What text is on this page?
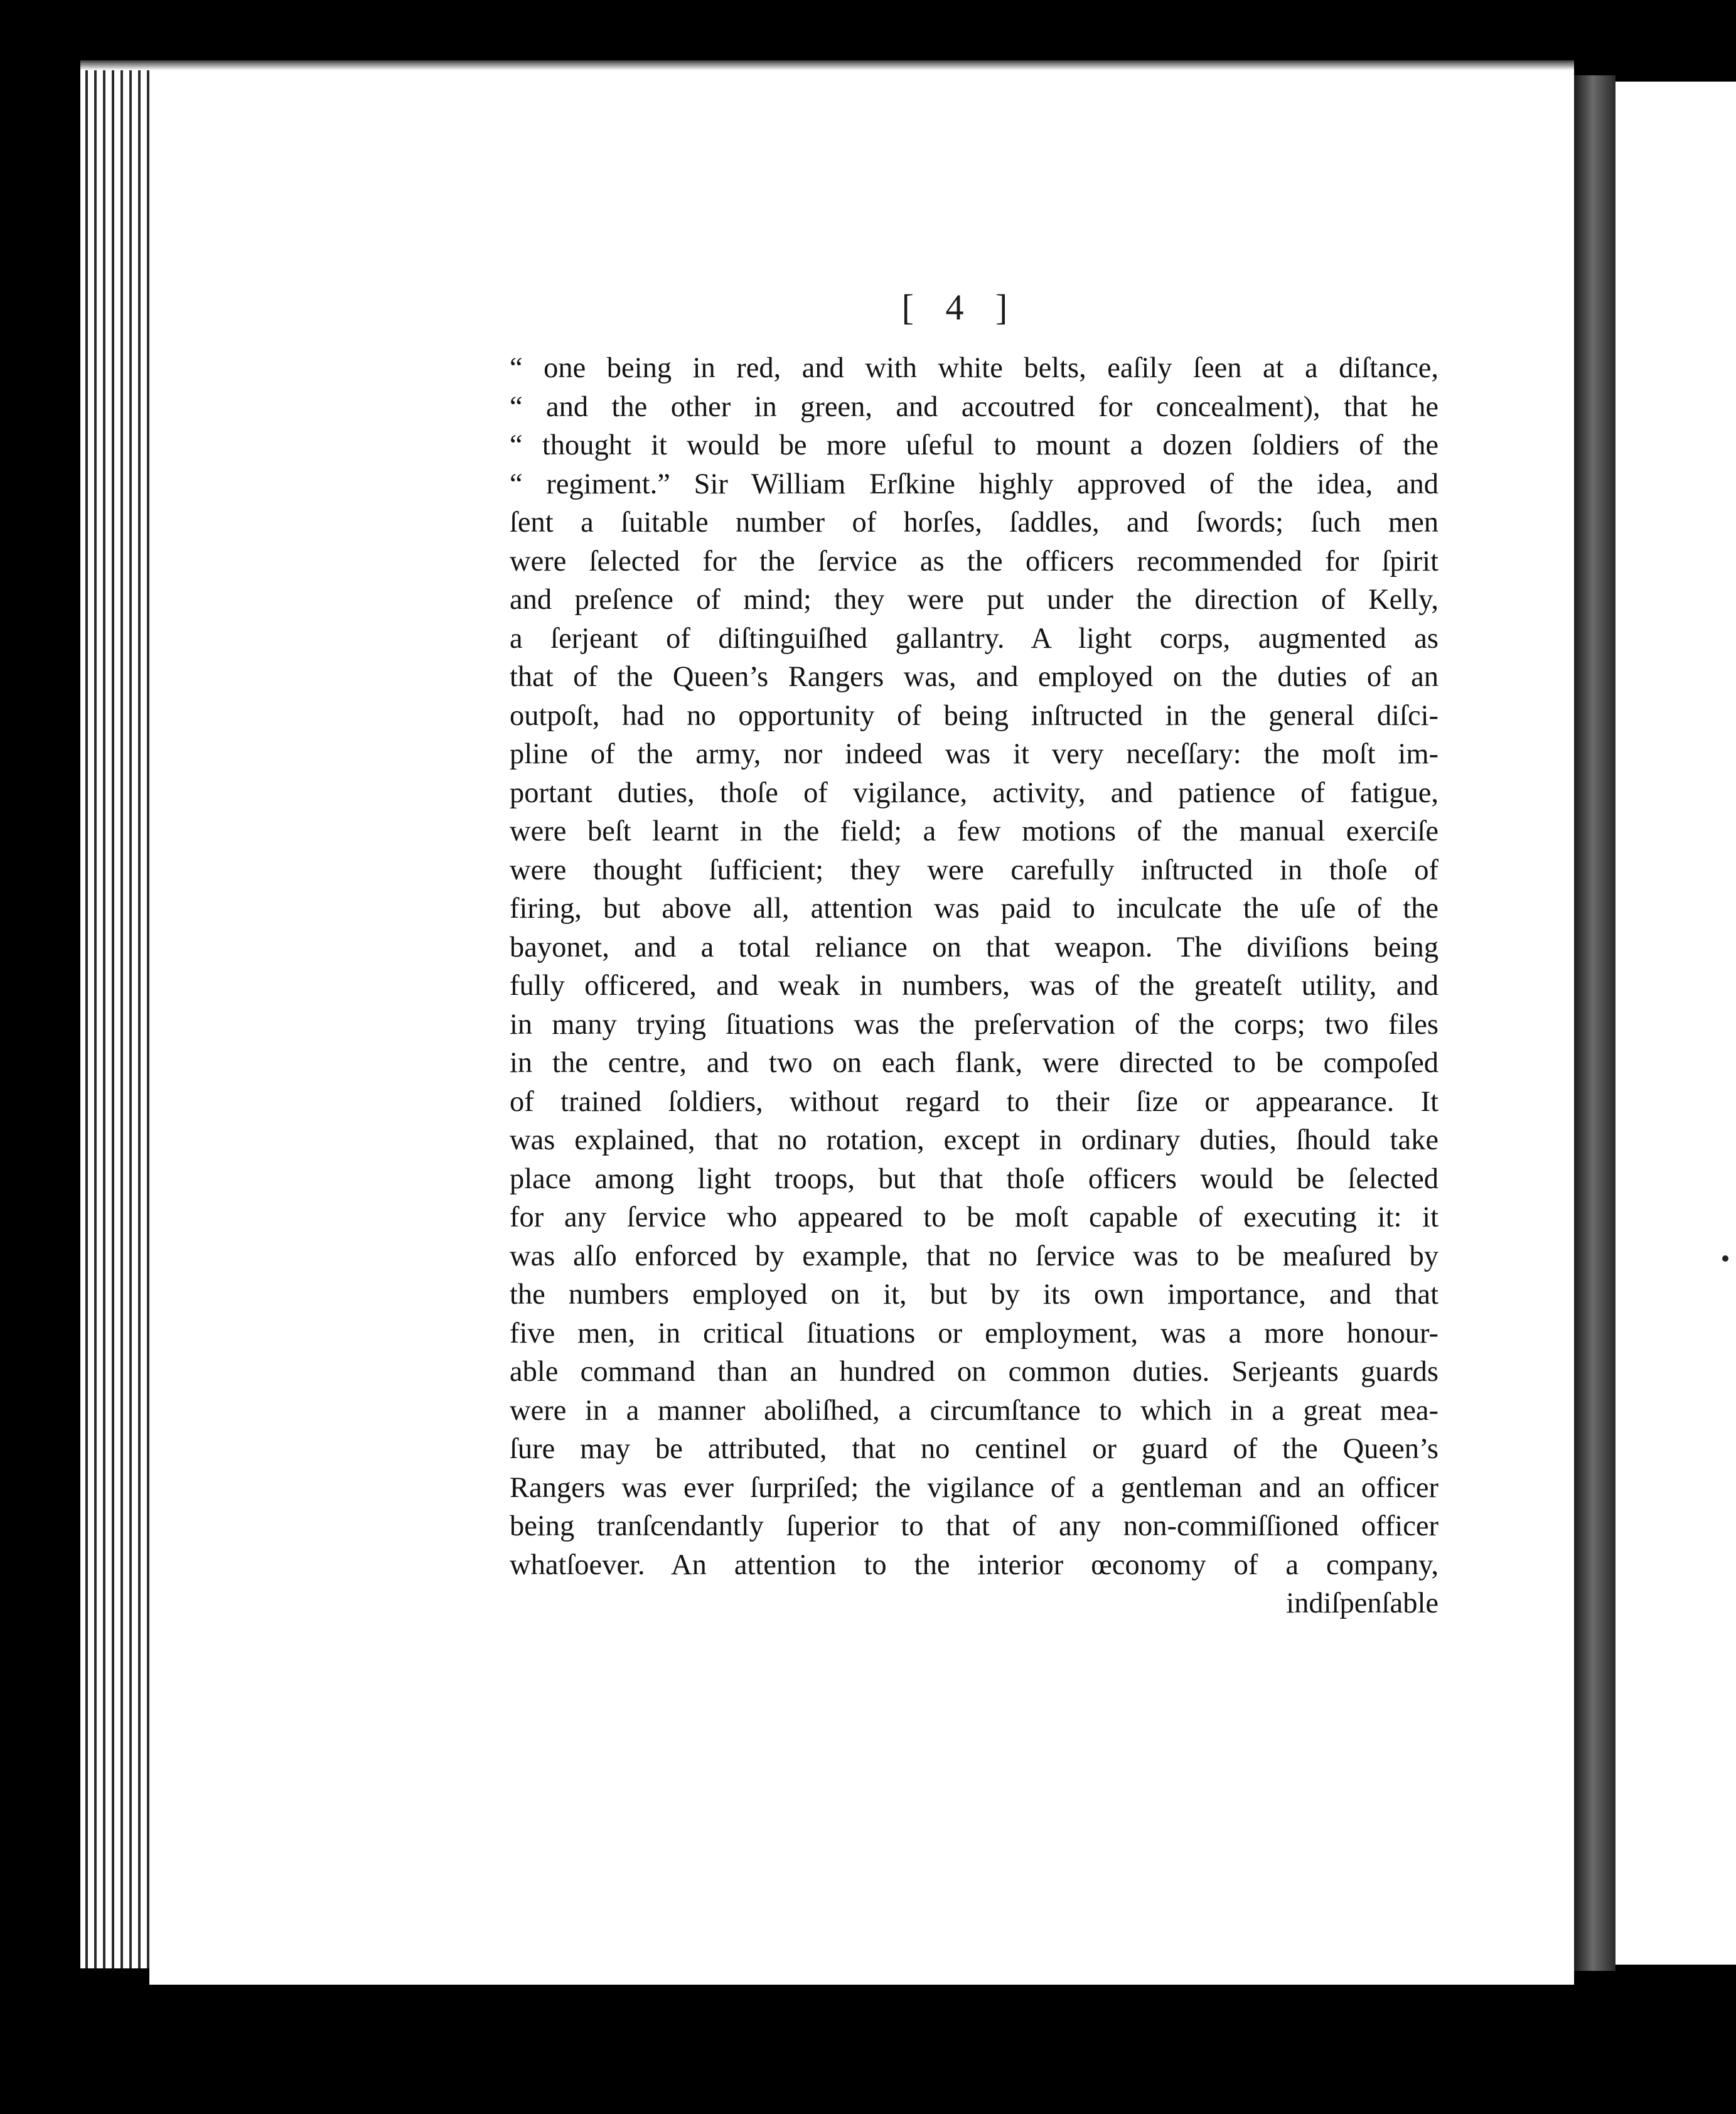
[ 4 ]
“ one being in red, and with white belts, eaſily ſeen at a diſtance,
“ and the other in green, and accoutred for concealment), that he
“ thought it would be more uſeful to mount a dozen ſoldiers of the
“ regiment.” Sir William Erſkine highly approved of the idea, and
ſent a ſuitable number of horſes, ſaddles, and ſwords; ſuch men
were ſelected for the ſervice as the officers recommended for ſpirit
and preſence of mind; they were put under the direction of Kelly,
a ſerjeant of diſtinguiſhed gallantry. A light corps, augmented as
that of the Queen’s Rangers was, and employed on the duties of an
outpoſt, had no opportunity of being inſtructed in the general diſci-
pline of the army, nor indeed was it very neceſſary: the moſt im-
portant duties, thoſe of vigilance, activity, and patience of fatigue,
were beſt learnt in the field; a few motions of the manual exerciſe
were thought ſufficient; they were carefully inſtructed in thoſe of
firing, but above all, attention was paid to inculcate the uſe of the
bayonet, and a total reliance on that weapon. The diviſions being
fully officered, and weak in numbers, was of the greateſt utility, and
in many trying ſituations was the preſervation of the corps; two files
in the centre, and two on each flank, were directed to be compoſed
of trained ſoldiers, without regard to their ſize or appearance. It
was explained, that no rotation, except in ordinary duties, ſhould take
place among light troops, but that thoſe officers would be ſelected
for any ſervice who appeared to be moſt capable of executing it: it
was alſo enforced by example, that no ſervice was to be meaſured by
the numbers employed on it, but by its own importance, and that
five men, in critical ſituations or employment, was a more honour-
able command than an hundred on common duties. Serjeants guards
were in a manner aboliſhed, a circumſtance to which in a great mea-
ſure may be attributed, that no centinel or guard of the Queen’s
Rangers was ever ſurpriſed; the vigilance of a gentleman and an officer
being tranſcendantly ſuperior to that of any non-commiſſioned officer
whatſoever. An attention to the interior œconomy of a company,
indiſpenſable
